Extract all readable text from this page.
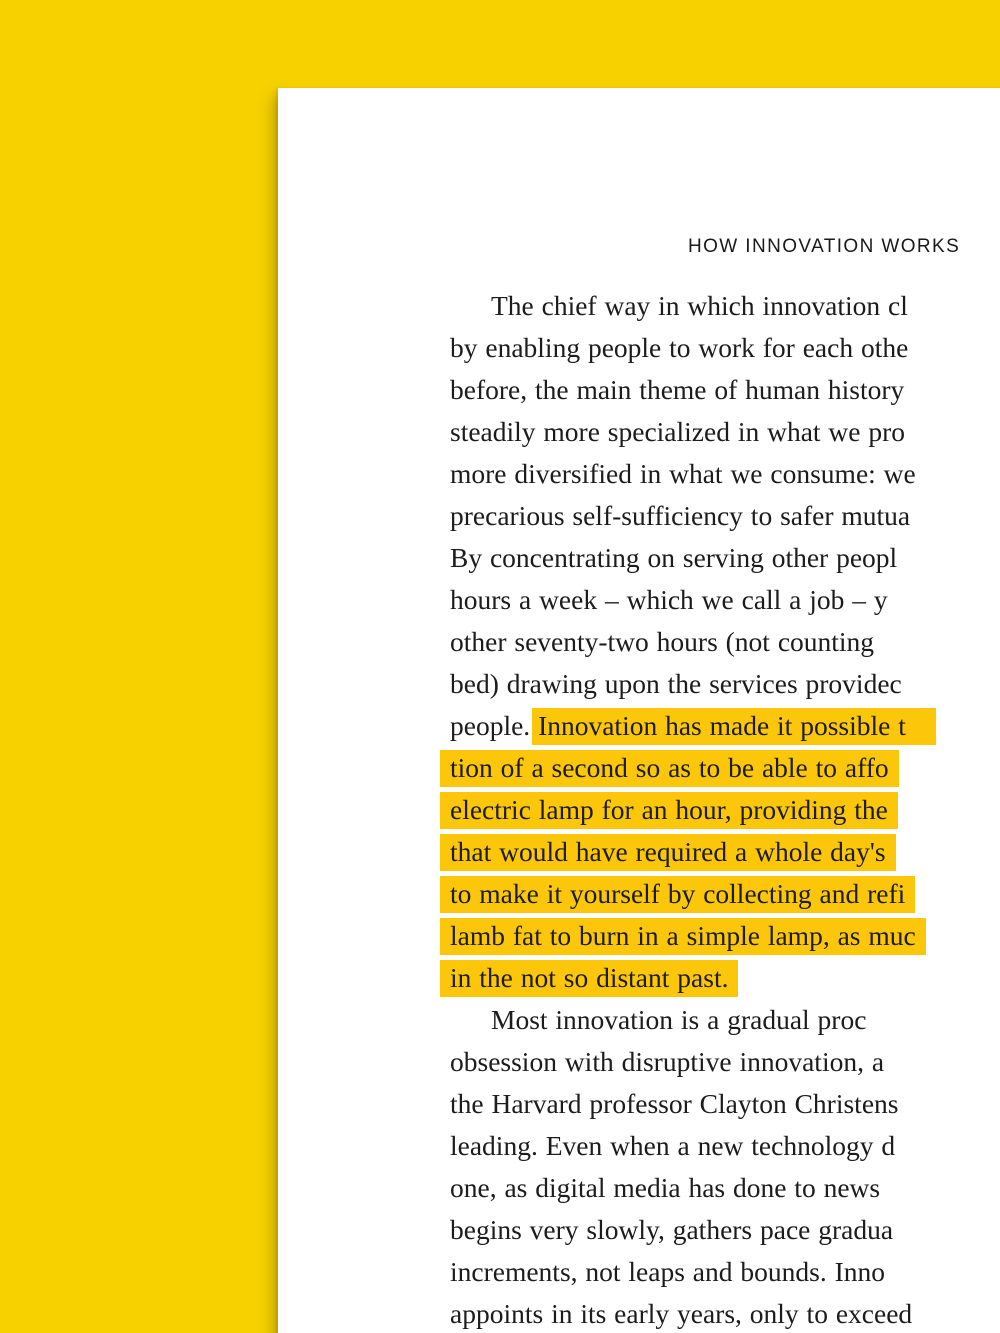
HOW INNOVATION WORKS
The chief way in which innovation cl
by enabling people to work for each othe
before, the main theme of human history
steadily more specialized in what we pro
more diversified in what we consume: we
precarious self-sufficiency to safer mutua
By concentrating on serving other peopl
hours a week – which we call a job – y
other seventy-two hours (not counting
bed) drawing upon the services providec
people. Innovation has made it possible t
tion of a second so as to be able to affo
electric lamp for an hour, providing the
that would have required a whole day's
to make it yourself by collecting and refi
lamb fat to burn in a simple lamp, as muc
in the not so distant past.
Most innovation is a gradual proc
obsession with disruptive innovation, a
the Harvard professor Clayton Christens
leading. Even when a new technology d
one, as digital media has done to news
begins very slowly, gathers pace gradua
increments, not leaps and bounds. Inno
appoints in its early years, only to exceed
